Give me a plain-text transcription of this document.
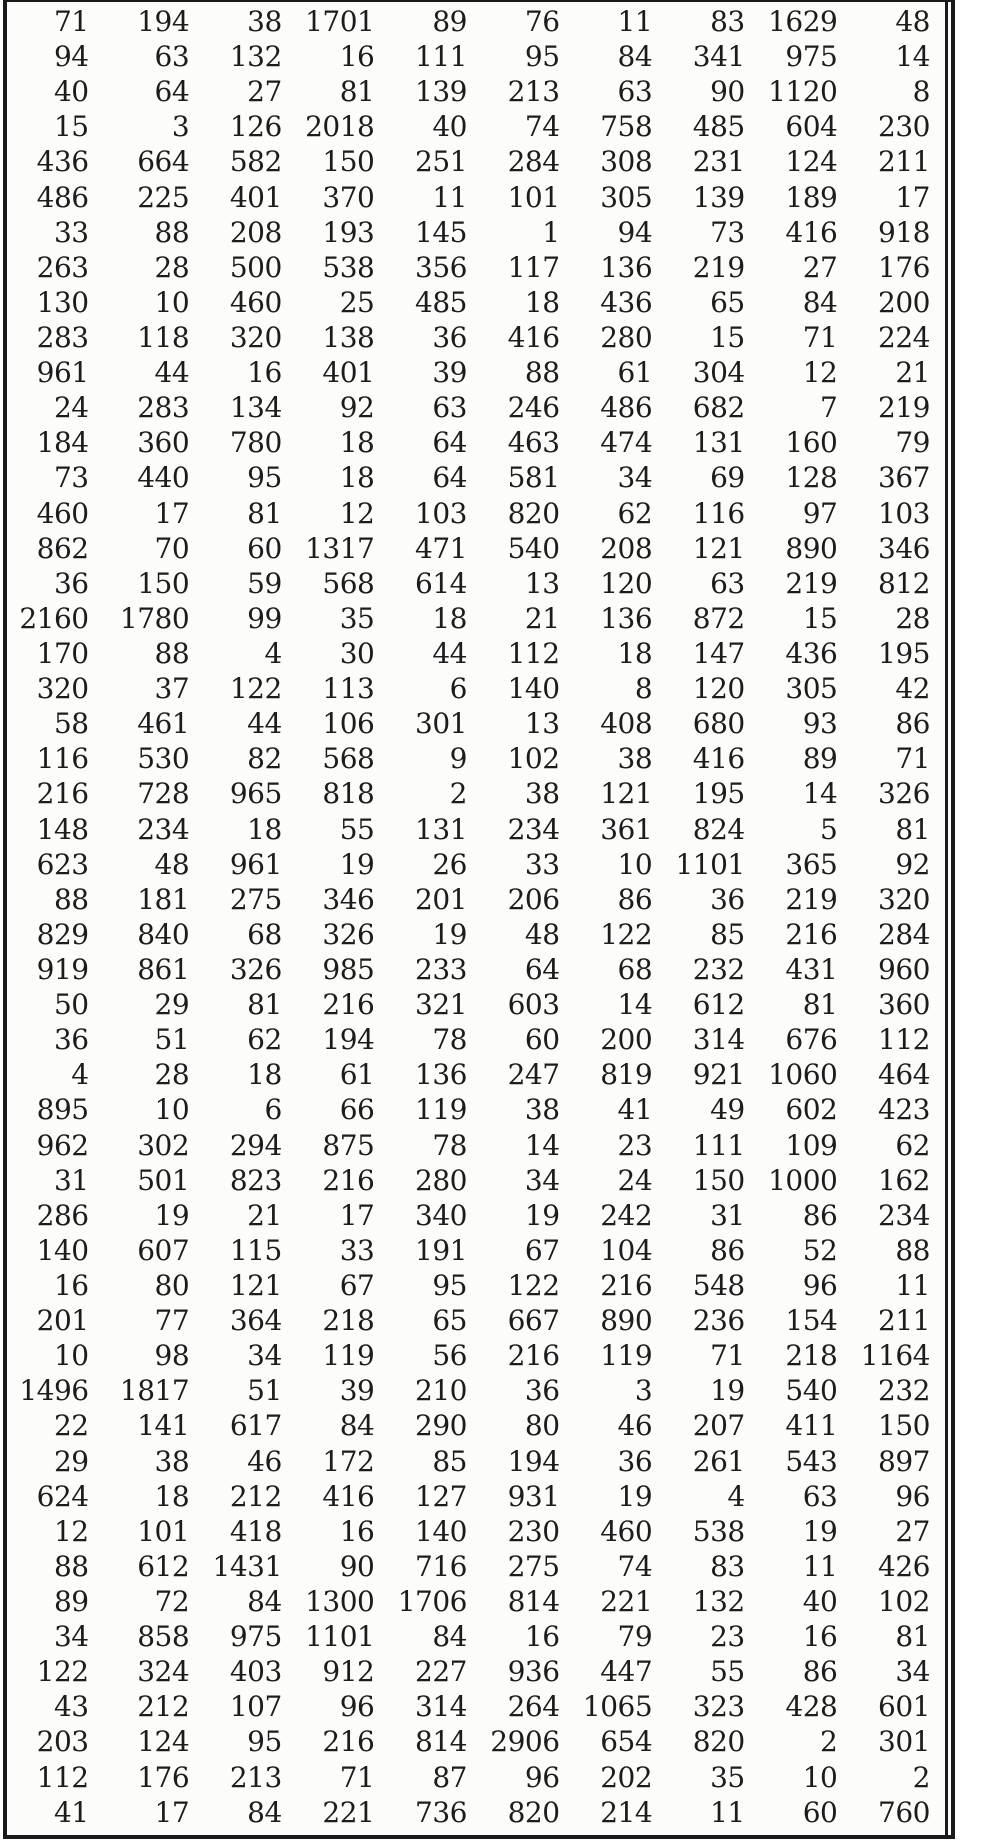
71	194	38	1701	89	76	11	83	1629	48
94	63	132	16	111	95	84	341	975	14
40	64	27	81	139	213	63	90	1120	8
15	3	126	2018	40	74	758	485	604	230
436	664	582	150	251	284	308	231	124	211
486	225	401	370	11	101	305	139	189	17
33	88	208	193	145	1	94	73	416	918
263	28	500	538	356	117	136	219	27	176
130	10	460	25	485	18	436	65	84	200
283	118	320	138	36	416	280	15	71	224
961	44	16	401	39	88	61	304	12	21
24	283	134	92	63	246	486	682	7	219
184	360	780	18	64	463	474	131	160	79
73	440	95	18	64	581	34	69	128	367
460	17	81	12	103	820	62	116	97	103
862	70	60	1317	471	540	208	121	890	346
36	150	59	568	614	13	120	63	219	812
2160	1780	99	35	18	21	136	872	15	28
170	88	4	30	44	112	18	147	436	195
320	37	122	113	6	140	8	120	305	42
58	461	44	106	301	13	408	680	93	86
116	530	82	568	9	102	38	416	89	71
216	728	965	818	2	38	121	195	14	326
148	234	18	55	131	234	361	824	5	81
623	48	961	19	26	33	10	1101	365	92
88	181	275	346	201	206	86	36	219	320
829	840	68	326	19	48	122	85	216	284
919	861	326	985	233	64	68	232	431	960
50	29	81	216	321	603	14	612	81	360
36	51	62	194	78	60	200	314	676	112
4	28	18	61	136	247	819	921	1060	464
895	10	6	66	119	38	41	49	602	423
962	302	294	875	78	14	23	111	109	62
31	501	823	216	280	34	24	150	1000	162
286	19	21	17	340	19	242	31	86	234
140	607	115	33	191	67	104	86	52	88
16	80	121	67	95	122	216	548	96	11
201	77	364	218	65	667	890	236	154	211
10	98	34	119	56	216	119	71	218	1164
1496	1817	51	39	210	36	3	19	540	232
22	141	617	84	290	80	46	207	411	150
29	38	46	172	85	194	36	261	543	897
624	18	212	416	127	931	19	4	63	96
12	101	418	16	140	230	460	538	19	27
88	612	1431	90	716	275	74	83	11	426
89	72	84	1300	1706	814	221	132	40	102
34	858	975	1101	84	16	79	23	16	81
122	324	403	912	227	936	447	55	86	34
43	212	107	96	314	264	1065	323	428	601
203	124	95	216	814	2906	654	820	2	301
112	176	213	71	87	96	202	35	10	2
41	17	84	221	736	820	214	11	60	760
